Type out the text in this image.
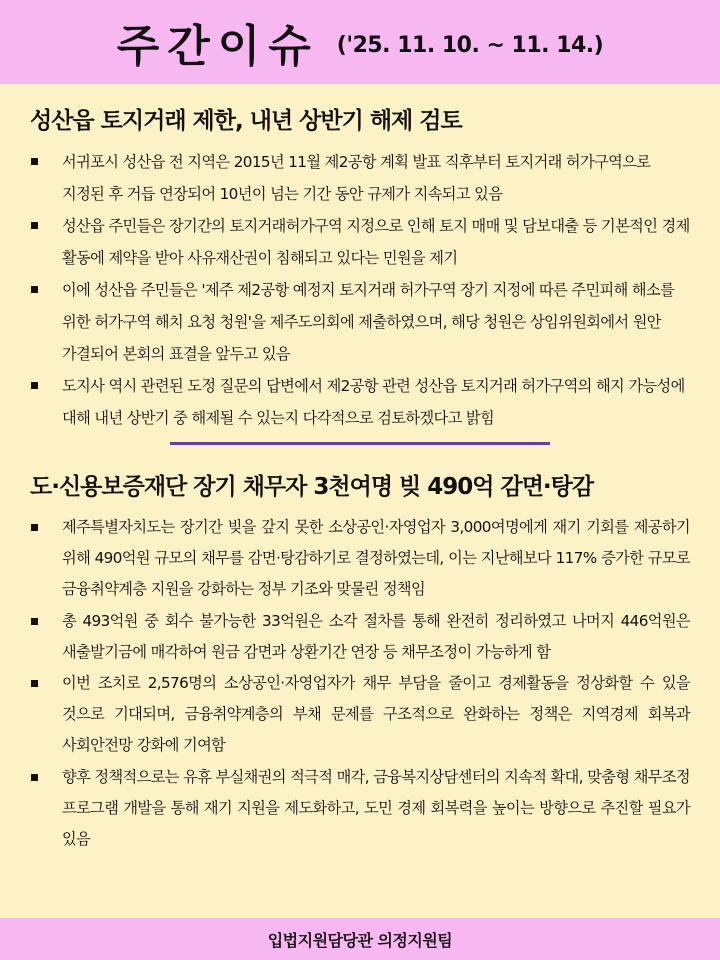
주간이슈 ('25. 11. 10. ~ 11. 14.)
성산읍 토지거래 제한, 내년 상반기 해제 검토
서귀포시 성산읍 전 지역은 2015년 11월 제2공항 계획 발표 직후부터 토지거래 허가구역으로 지정된 후 거듭 연장되어 10년이 넘는 기간 동안 규제가 지속되고 있음
성산읍 주민들은 장기간의 토지거래허가구역 지정으로 인해 토지 매매 및 담보대출 등 기본적인 경제 활동에 제약을 받아 사유재산권이 침해되고 있다는 민원을 제기
이에 성산읍 주민들은 '제주 제2공항 예정지 토지거래 허가구역 장기 지정에 따른 주민피해 해소를 위한 허가구역 해치 요청 청원'을 제주도의회에 제출하였으며, 해당 청원은 상임위원회에서 원안 가결되어 본회의 표결을 앞두고 있음
도지사 역시 관련된 도정 질문의 답변에서 제2공항 관련 성산읍 토지거래 허가구역의 해지 가능성에 대해 내년 상반기 중 해제될 수 있는지 다각적으로 검토하겠다고 밝힘
도·신용보증재단 장기 채무자 3천여명 빚 490억 감면·탕감
제주특별자치도는 장기간 빚을 갚지 못한 소상공인·자영업자 3,000여명에게 재기 기회를 제공하기 위해 490억원 규모의 채무를 감면·탕감하기로 결정하였는데, 이는 지난해보다 117% 증가한 규모로 금융취약계층 지원을 강화하는 정부 기조와 맞물린 정책임
총 493억원 중 회수 불가능한 33억원은 소각 절차를 통해 완전히 정리하였고 나머지 446억원은 새출발기금에 매각하여 원금 감면과 상환기간 연장 등 채무조정이 가능하게 함
이번 조치로 2,576명의 소상공인·자영업자가 채무 부담을 줄이고 경제활동을 정상화할 수 있을 것으로 기대되며, 금융취약계층의 부채 문제를 구조적으로 완화하는 정책은 지역경제 회복과 사회안전망 강화에 기여함
향후 정책적으로는 유휴 부실채권의 적극적 매각, 금융복지상담센터의 지속적 확대, 맞춤형 채무조정 프로그램 개발을 통해 재기 지원을 제도화하고, 도민 경제 회복력을 높이는 방향으로 추진할 필요가 있음
입법지원담당관 의정지원팀
